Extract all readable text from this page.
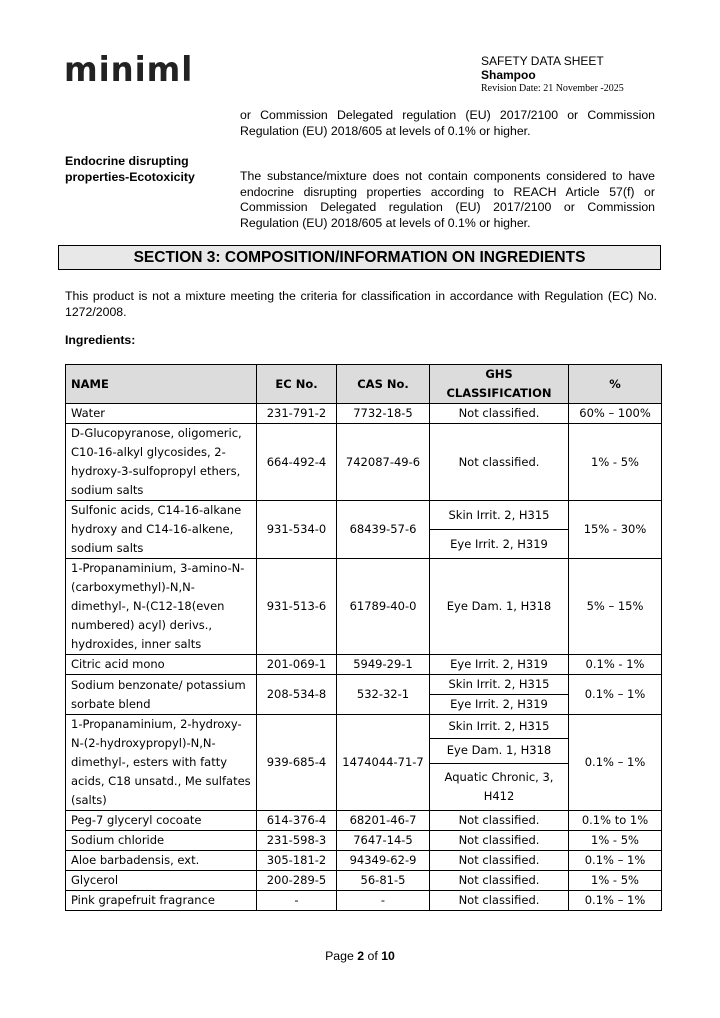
miniml	SAFETY DATA SHEET
Shampoo
Revision Date: 21 November -2025
or Commission Delegated regulation (EU) 2017/2100 or Commission Regulation (EU) 2018/605 at levels of 0.1% or higher.
Endocrine disrupting
properties-Ecotoxicity	The substance/mixture does not contain components considered to have endocrine disrupting properties according to REACH Article 57(f) or Commission Delegated regulation (EU) 2017/2100 or Commission Regulation (EU) 2018/605 at levels of 0.1% or higher.
SECTION 3: COMPOSITION/INFORMATION ON INGREDIENTS
This product is not a mixture meeting the criteria for classification in accordance with Regulation (EC) No. 1272/2008.
Ingredients:
NAME	EC No.	CAS No.	GHS CLASSIFICATION	%
Water	231-791-2	7732-18-5	Not classified.	60% – 100%
D-Glucopyranose, oligomeric, C10-16-alkyl glycosides, 2-hydroxy-3-sulfopropyl ethers, sodium salts	664-492-4	742087-49-6	Not classified.	1% - 5%
Sulfonic acids, C14-16-alkane hydroxy and C14-16-alkene, sodium salts	931-534-0	68439-57-6	Skin Irrit. 2, H315	15% - 30%
			Eye Irrit. 2, H319	
1-Propanaminium, 3-amino-N-(carboxymethyl)-N,N-dimethyl-, N-(C12-18(even numbered) acyl) derivs., hydroxides, inner salts	931-513-6	61789-40-0	Eye Dam. 1, H318	5% – 15%
Citric acid mono	201-069-1	5949-29-1	Eye Irrit. 2, H319	0.1% - 1%
Sodium benzonate/ potassium sorbate blend	208-534-8	532-32-1	Skin Irrit. 2, H315	0.1% – 1%
			Eye Irrit. 2, H319	
1-Propanaminium, 2-hydroxy-N-(2-hydroxypropyl)-N,N-dimethyl-, esters with fatty acids, C18 unsatd., Me sulfates (salts)	939-685-4	1474044-71-7	Skin Irrit. 2, H315	0.1% – 1%
			Eye Dam. 1, H318	
			Aquatic Chronic, 3, H412	
Peg-7 glyceryl cocoate	614-376-4	68201-46-7	Not classified.	0.1% to 1%
Sodium chloride	231-598-3	7647-14-5	Not classified.	1% - 5%
Aloe barbadensis, ext.	305-181-2	94349-62-9	Not classified.	0.1% – 1%
Glycerol	200-289-5	56-81-5	Not classified.	1% - 5%
Pink grapefruit fragrance	-	-	Not classified.	0.1% – 1%
Page 2 of 10
